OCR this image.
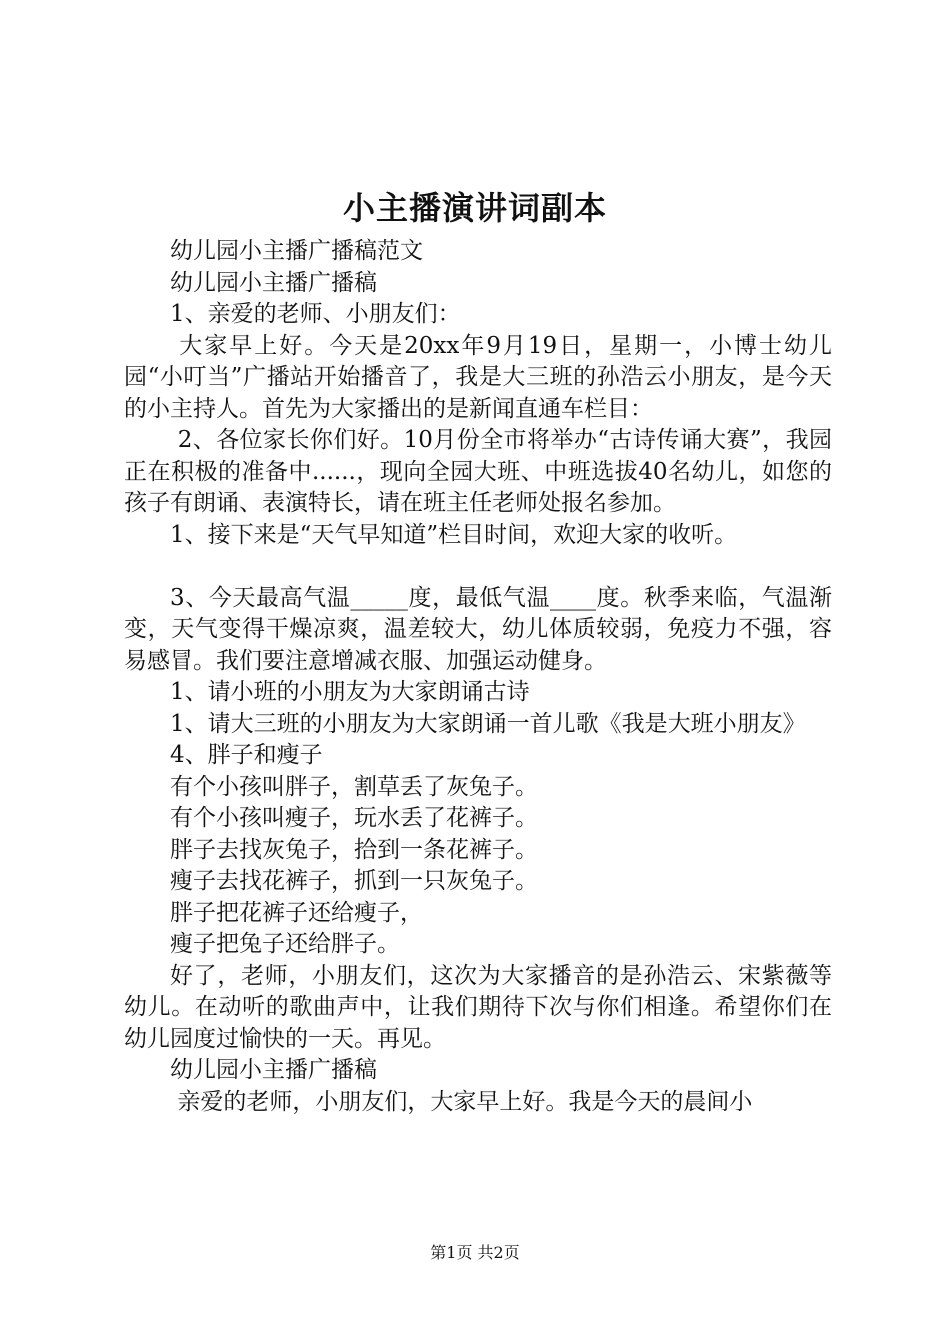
小主播演讲词副本

幼儿园小主播广播稿范文

幼儿园小主播广播稿

1、亲爱的老师、小朋友们：

大家早上好。今天是20xx年9月19日，星期一，小博士幼儿园“小叮当”广播站开始播音了，我是大三班的孙浩云小朋友，是今天的小主持人。首先为大家播出的是新闻直通车栏目：

2、各位家长你们好。10月份全市将举办“古诗传诵大赛”，我园正在积极的准备中......，现向全园大班、中班选拔40名幼儿，如您的孩子有朗诵、表演特长，请在班主任老师处报名参加。

1、接下来是“天气早知道”栏目时间，欢迎大家的收听。

3、今天最高气温_____度，最低气温____度。秋季来临，气温渐变，天气变得干燥凉爽，温差较大，幼儿体质较弱，免疫力不强，容易感冒。我们要注意增减衣服、加强运动健身。

1、请小班的小朋友为大家朗诵古诗

1、请大三班的小朋友为大家朗诵一首儿歌《我是大班小朋友》

4、胖子和瘦子

有个小孩叫胖子，割草丢了灰兔子。

有个小孩叫瘦子，玩水丢了花裤子。

胖子去找灰兔子，拾到一条花裤子。

瘦子去找花裤子，抓到一只灰兔子。

胖子把花裤子还给瘦子，

瘦子把兔子还给胖子。

好了，老师，小朋友们，这次为大家播音的是孙浩云、宋紫薇等幼儿。在动听的歌曲声中，让我们期待下次与你们相逢。希望你们在幼儿园度过愉快的一天。再见。

幼儿园小主播广播稿

亲爱的老师，小朋友们，大家早上好。我是今天的晨间小

第1页 共2页
